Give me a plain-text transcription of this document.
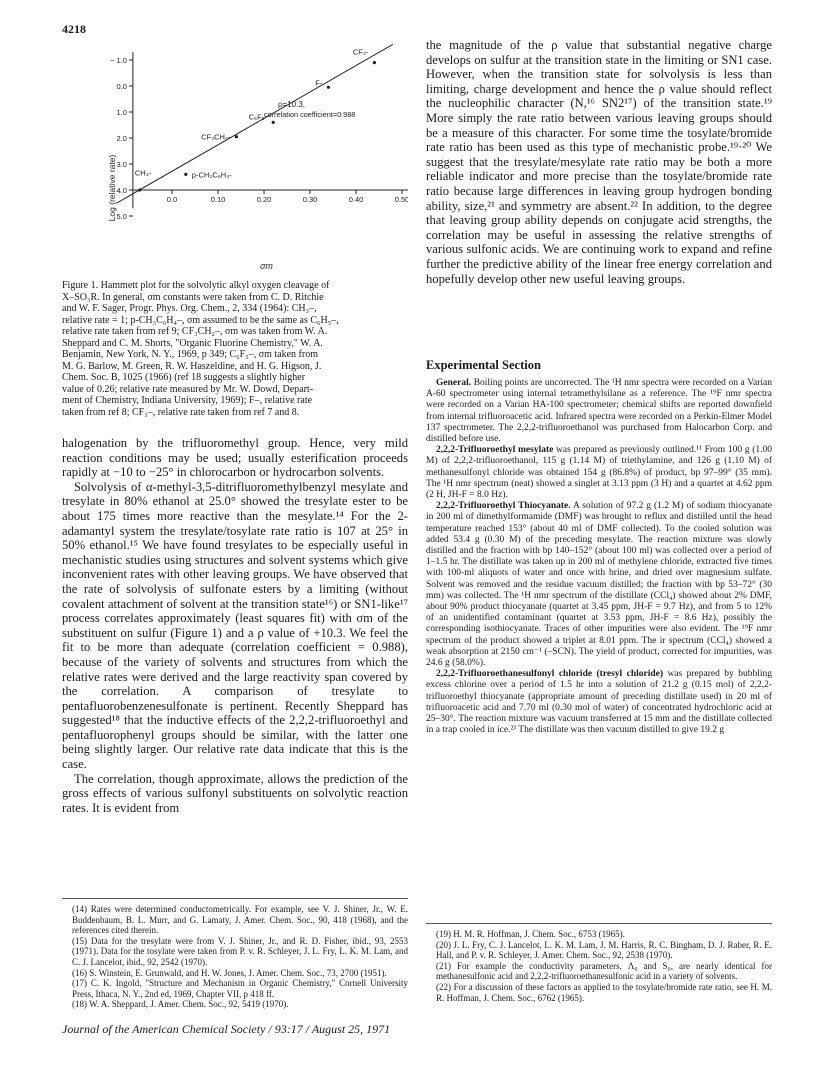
4218
5.0
4.0
3.0
2.0
1.0
0.0
− 1.0
0.0	0.10	0.20	0.30	0.40	0.50
CH₃-	p-CH₃C₆H₄-
CF₃CH₂-
C₆F₅-
F-
CF₃-
Log (relative rate)
σm
ρ=10.3,
correlation coefficient=0.988

Figure 1. Hammett plot for the solvolytic alkyl oxygen cleavage of

X–SO₃R. In general, σm constants were taken from C. D. Ritchie

and W. F. Sager, Progr. Phys. Org. Chem., 2, 334 (1964): CH₃–,

relative rate = 1; p-CH₃C₆H₄–, σm assumed to be the same as C₆H₅–,

relative rate taken from ref 9; CF₃CH₂–, σm was taken from W. A.

Sheppard and C. M. Shorts, "Organic Fluorine Chemistry," W. A.

Benjamin, New York, N. Y., 1969, p 349; C₆F₅–, σm taken from

M. G. Barlow, M. Green, R. W. Haszeldine, and H. G. Higson, J.

Chem. Soc. B, 1025 (1966) (ref 18 suggests a slightly higher

value of 0.26; relative rate measured by Mr. W. Dowd, Depart-

ment of Chemistry, Indiana University, 1969); F–, relative rate

taken from ref 8; CF₃–, relative rate taken from ref 7 and 8.

halogenation by the trifluoromethyl group. Hence, very mild reaction conditions may be used; usually esterification proceeds rapidly at −10 to −25° in chlorocarbon or hydrocarbon solvents.

Solvolysis of α-methyl-3,5-ditrifluoromethylbenzyl mesylate and tresylate in 80% ethanol at 25.0° showed the tresylate ester to be about 175 times more reactive than the mesylate.¹⁴ For the 2-adamantyl system the tresylate/tosylate rate ratio is 107 at 25° in 50% ethanol.¹⁵ We have found tresylates to be especially useful in mechanistic studies using structures and solvent systems which give inconvenient rates with other leaving groups. We have observed that the rate of solvolysis of sulfonate esters by a limiting (without covalent attachment of solvent at the transition state¹⁶) or SN1-like¹⁷ process correlates approximately (least squares fit) with σm of the substituent on sulfur (Figure 1) and a ρ value of +10.3. We feel the fit to be more than adequate (correlation coefficient = 0.988), because of the variety of solvents and structures from which the relative rates were derived and the large reactivity span covered by the correlation. A comparison of tresylate to pentafluorobenzenesulfonate is pertinent. Recently Sheppard has suggested¹⁸ that the inductive effects of the 2,2,2-trifluoroethyl and pentafluorophenyl groups should be similar, with the latter one being slightly larger. Our relative rate data indicate that this is the case.

The correlation, though approximate, allows the prediction of the gross effects of various sulfonyl substituents on solvolytic reaction rates. It is evident from

(14) Rates were determined conductometrically. For example, see V. J. Shiner, Jr., W. E. Buddenbaum, B. L. Murr, and G. Lamaty, J. Amer. Chem. Soc., 90, 418 (1968), and the references cited therein.

(15) Data for the tresylate were from V. J. Shiner, Jr., and R. D. Fisher, ibid., 93, 2553 (1971). Data for the tosylate were taken from P. v. R. Schleyer, J. L. Fry, L. K. M. Lam, and C. J. Lancelot, ibid., 92, 2542 (1970).

(16) S. Winstein, E. Grunwald, and H. W. Jones, J. Amer. Chem. Soc., 73, 2700 (1951).

(17) C. K. Ingold, "Structure and Mechanism in Organic Chemistry," Cornell University Press, Ithaca, N. Y., 2nd ed, 1969, Chapter VII, p 418 ff.

(18) W. A. Sheppard, J. Amer. Chem. Soc., 92, 5419 (1970).

the magnitude of the ρ value that substantial negative charge develops on sulfur at the transition state in the limiting or SN1 case. However, when the transition state for solvolysis is less than limiting, charge development and hence the ρ value should reflect the nucleophilic character (N,¹⁶ SN2¹⁷) of the transition state.¹⁹ More simply the rate ratio between various leaving groups should be a measure of this character. For some time the tosylate/bromide rate ratio has been used as this type of mechanistic probe.¹⁹·²⁰ We suggest that the tresylate/mesylate rate ratio may be both a more reliable indicator and more precise than the tosylate/bromide rate ratio because large differences in leaving group hydrogen bonding ability, size,²¹ and symmetry are absent.²² In addition, to the degree that leaving group ability depends on conjugate acid strengths, the correlation may be useful in assessing the relative strengths of various sulfonic acids. We are continuing work to expand and refine further the predictive ability of the linear free energy correlation and hopefully develop other new useful leaving groups.

Experimental Section

General. Boiling points are uncorrected. The ¹H nmr spectra were recorded on a Varian A-60 spectrometer using internal tetramethylsilane as a reference. The ¹⁹F nmr spectra were recorded on a Varian HA-100 spectrometer; chemical shifts are reported downfield from internal trifluoroacetic acid. Infrared spectra were recorded on a Perkin-Elmer Model 137 spectrometer. The 2,2,2-trifluoroethanol was purchased from Halocarbon Corp. and distilled before use.

2,2,2-Trifluoroethyl mesylate was prepared as previously outlined.¹¹ From 100 g (1.00 M) of 2,2,2-trifluoroethanol, 115 g (1.14 M) of triethylamine, and 126 g (1.10 M) of methanesulfonyl chloride was obtained 154 g (86.8%) of product, bp 97–99° (35 mm). The ¹H nmr spectrum (neat) showed a singlet at 3.13 ppm (3 H) and a quartet at 4.62 ppm (2 H, JH-F = 8.0 Hz).

2,2,2-Trifluoroethyl Thiocyanate. A solution of 97.2 g (1.2 M) of sodium thiocyanate in 200 ml of dimethylformamide (DMF) was brought to reflux and distilled until the head temperature reached 153° (about 40 ml of DMF collected). To the cooled solution was added 53.4 g (0.30 M) of the preceding mesylate. The reaction mixture was slowly distilled and the fraction with bp 140–152° (about 100 ml) was collected over a period of 1–1.5 hr. The distillate was taken up in 200 ml of methylene chloride, extracted five times with 100-ml aliquots of water and once with brine, and dried over magnesium sulfate. Solvent was removed and the residue vacuum distilled; the fraction with bp 53–72° (30 mm) was collected. The ¹H nmr spectrum of the distillate (CCl₄) showed about 2% DMF, about 90% product thiocyanate (quartet at 3.45 ppm, JH-F = 9.7 Hz), and from 5 to 12% of an unidentified contaminant (quartet at 3.53 ppm, JH-F = 8.6 Hz), possibly the corresponding isothiocyanate. Traces of other impurities were also evident. The ¹⁹F nmr spectrum of the product showed a triplet at 8.01 ppm. The ir spectrum (CCl₄) showed a weak absorption at 2150 cm⁻¹ (–SCN). The yield of product, corrected for impurities, was 24.6 g (58.0%).

2,2,2-Trifluoroethanesulfonyl chloride (tresyl chloride) was prepared by bubbling excess chlorine over a period of 1.5 hr into a solution of 21.2 g (0.15 mol) of 2,2,2-trifluoroethyl thiocyanate (appropriate amount of preceding distillate used) in 20 ml of trifluoroacetic acid and 7.70 ml (0.30 mol of water) of concentrated hydrochloric acid at 25–30°. The reaction mixture was vacuum transferred at 15 mm and the distillate collected in a trap cooled in ice.²³ The distillate was then vacuum distilled to give 19.2 g

(19) H. M. R. Hoffman, J. Chem. Soc., 6753 (1965).

(20) J. L. Fry, C. J. Lancelot, L. K. M. Lam, J. M. Harris, R. C. Bingham, D. J. Raber, R. E. Hall, and P. v. R. Schleyer, J. Amer. Chem. Soc., 92, 2538 (1970).

(21) For example the conductivity parameters, Λ₀ and S₀, are nearly identical for methanesulfonic acid and 2,2,2-trifluoroethanesulfonic acid in a variety of solvents.

(22) For a discussion of these factors as applied to the tosylate/bromide rate ratio, see H. M. R. Hoffman, J. Chem. Soc., 6762 (1965).

Journal of the American Chemical Society / 93:17 / August 25, 1971
